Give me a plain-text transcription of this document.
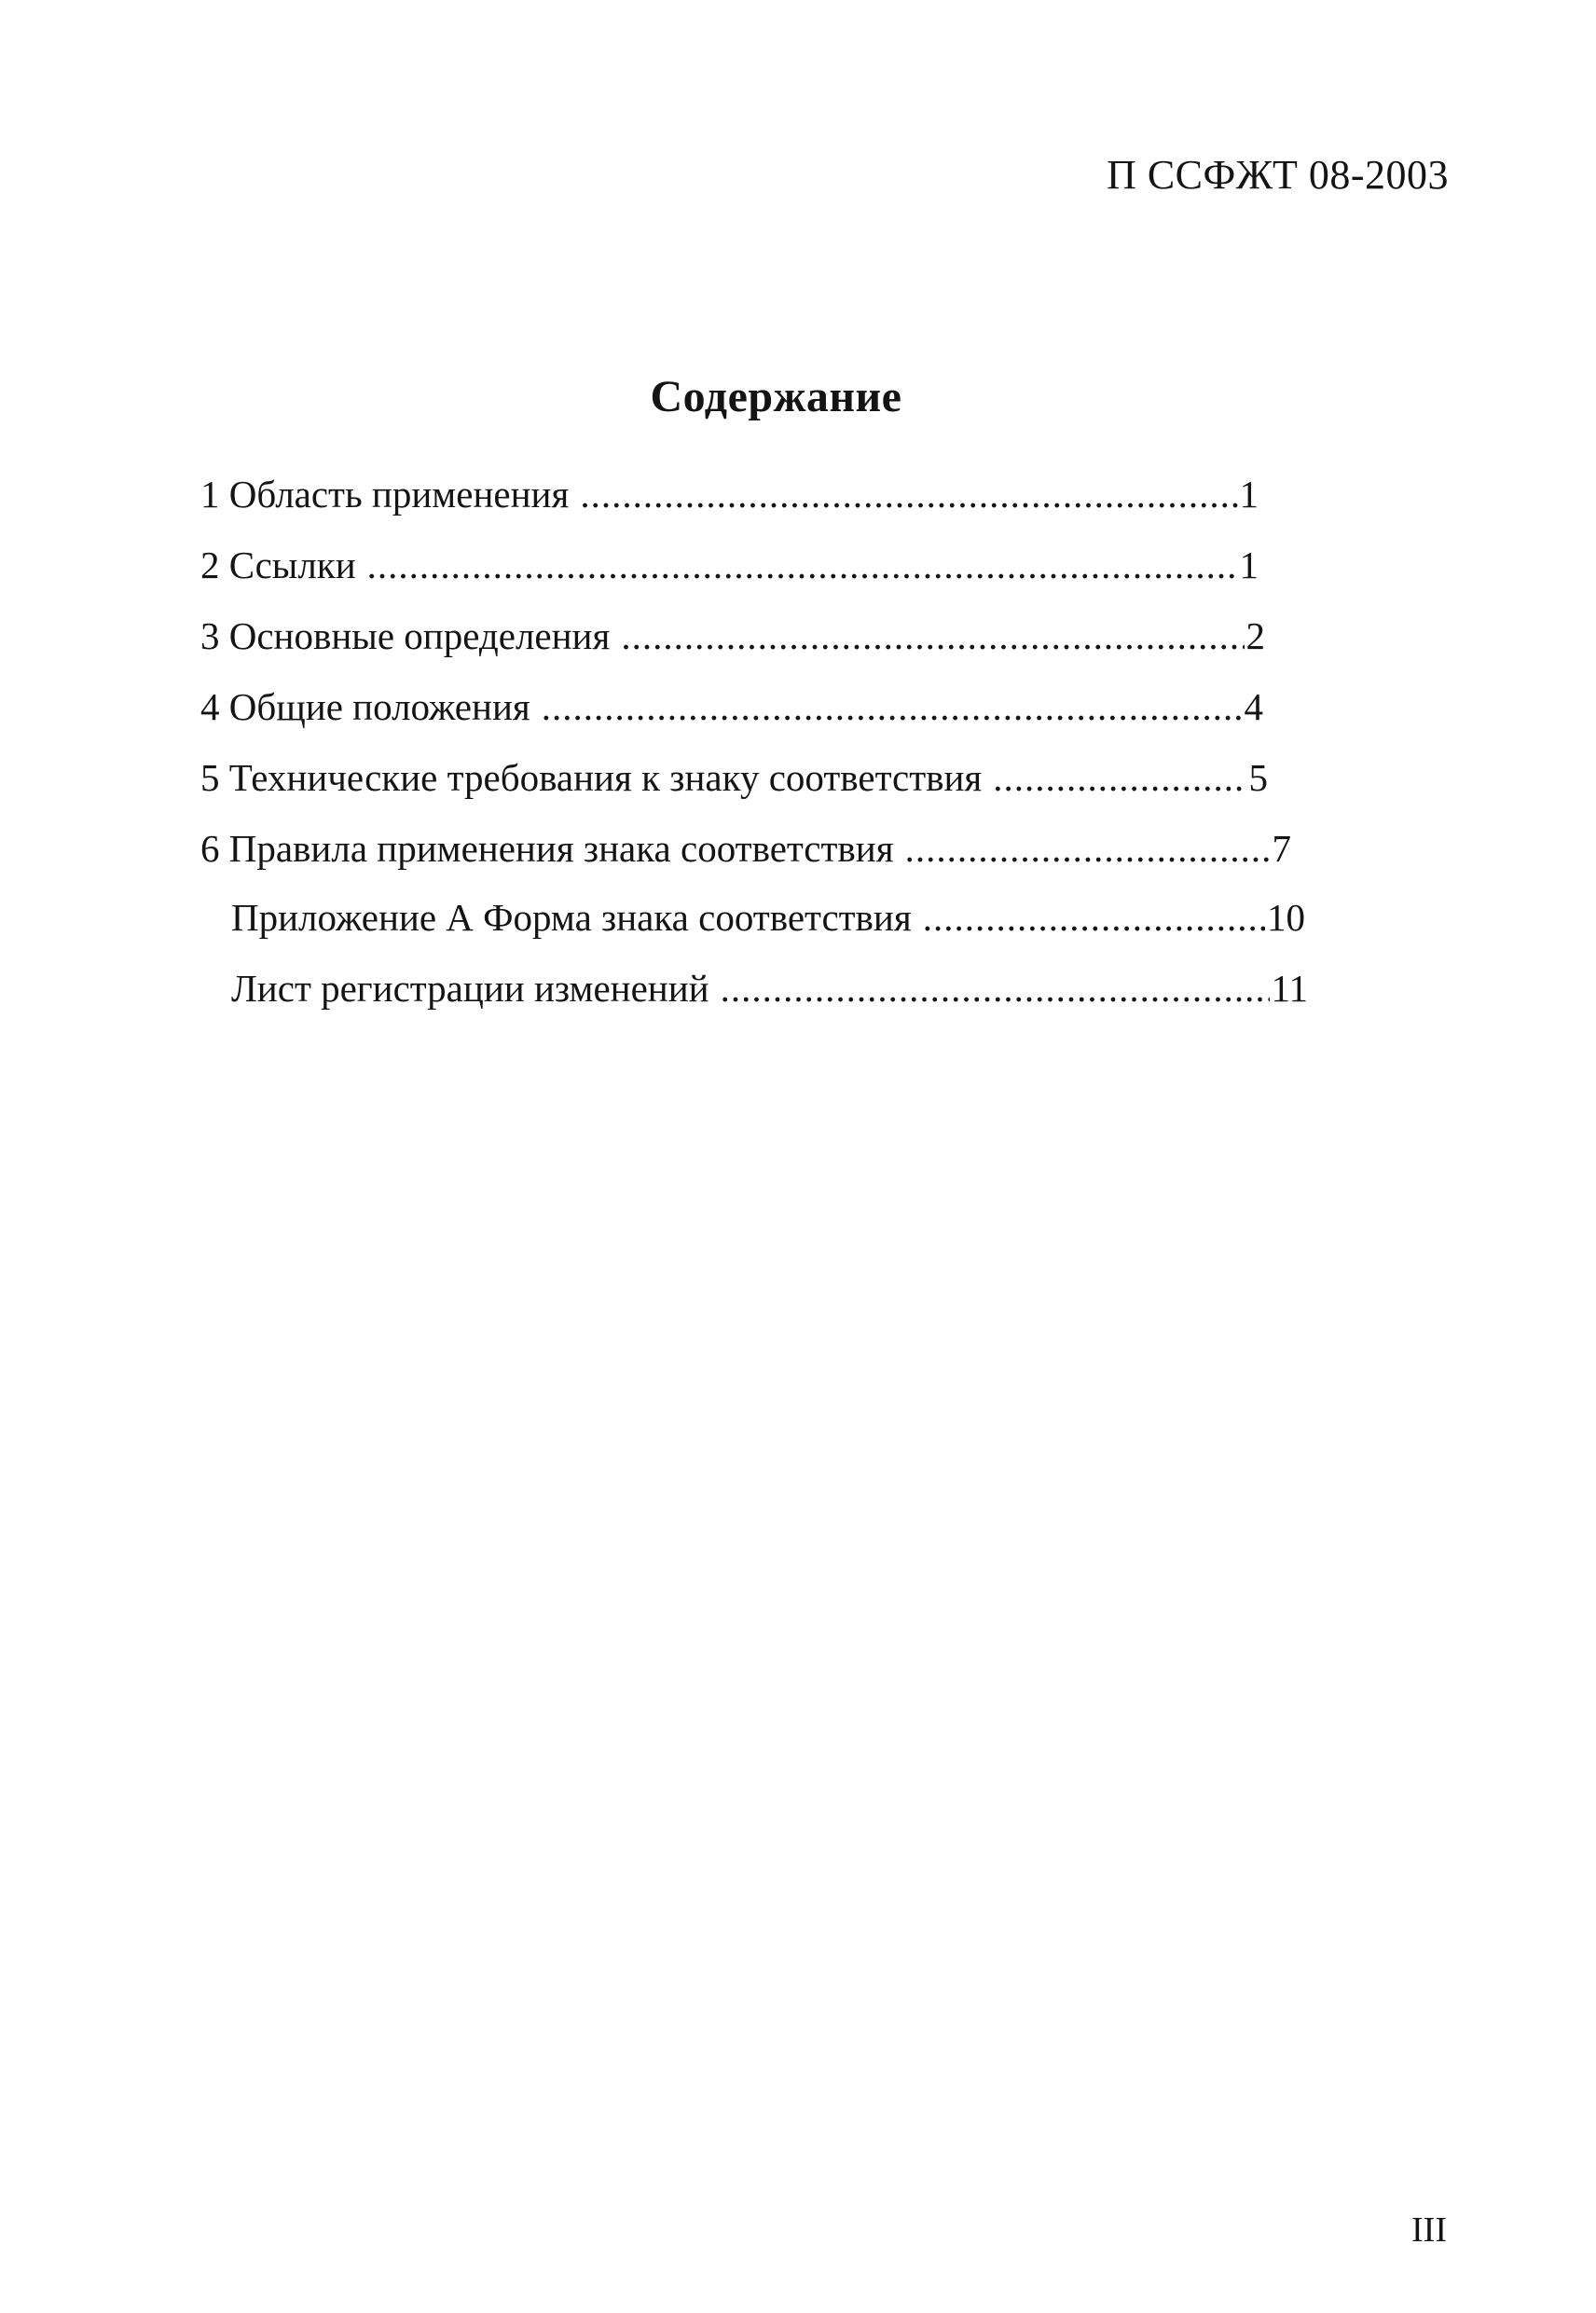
П ССФЖТ 08-2003
Содержание
1 Область применения .....	1
2 Ссылки .....	1
3 Основные определения .....	2
4 Общие положения .....	4
5 Технические требования к знаку соответствия .....	5
6 Правила применения знака соответствия .....	7
Приложение А Форма знака соответствия .....	10
Лист регистрации изменений .....	11
III
